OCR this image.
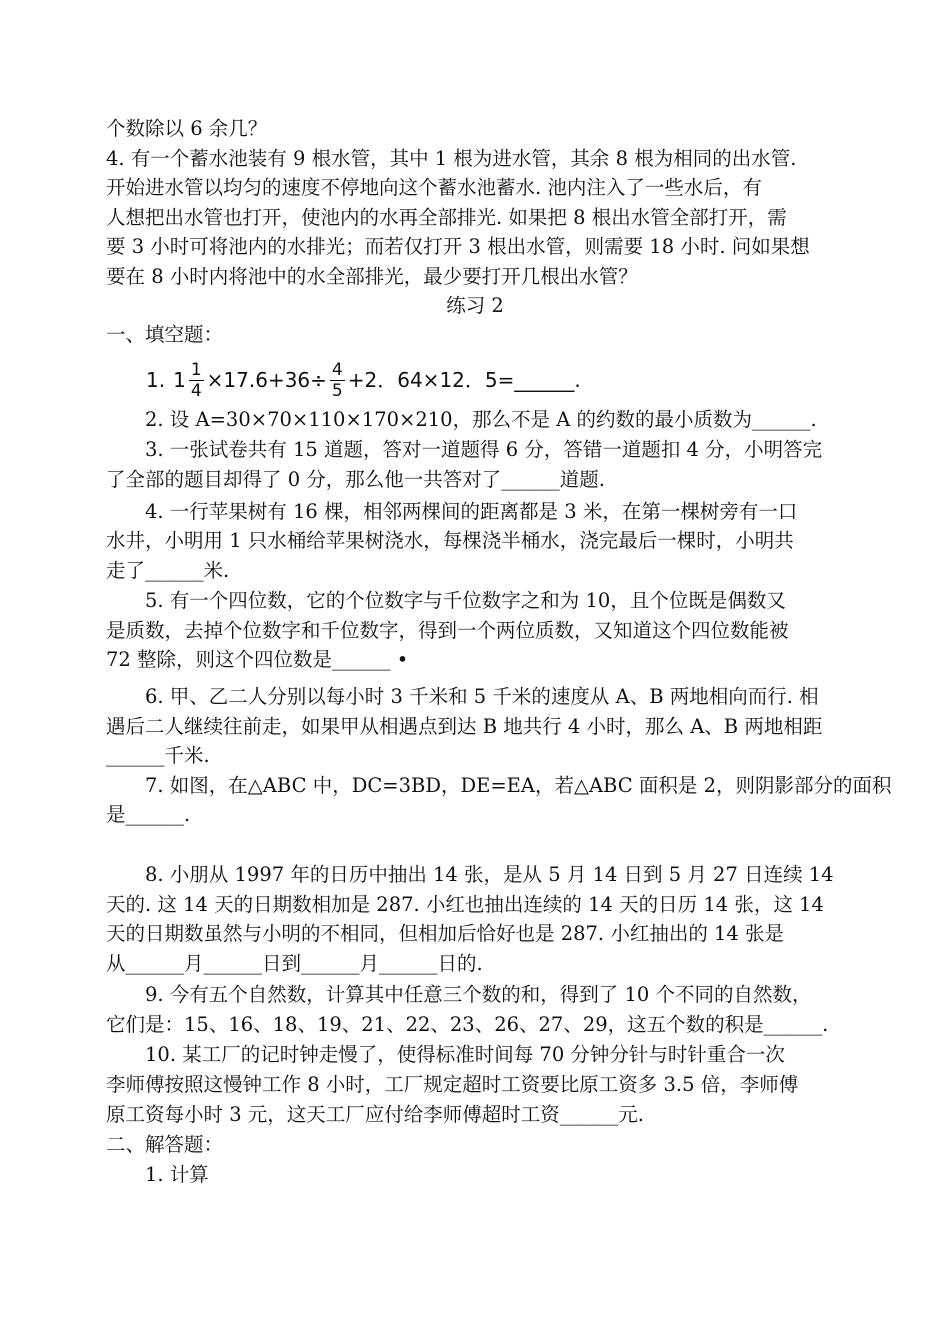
个数除以 6 余几？
4. 有一个蓄水池装有 9 根水管，其中 1 根为进水管，其余 8 根为相同的出水管.
开始进水管以均匀的速度不停地向这个蓄水池蓄水. 池内注入了一些水后，有
人想把出水管也打开，使池内的水再全部排光. 如果把 8 根出水管全部打开，需
要 3 小时可将池内的水排光；而若仅打开 3 根出水管，则需要 18 小时. 问如果想
要在 8 小时内将池中的水全部排光，最少要打开几根出水管？
练习 2
一、填空题：
1. $1 \frac{1}{4} \times 17.6+36\div \frac{4}{5} +2$．64×12．5=______.
2. 设 A=30×70×110×170×210，那么不是 A 的约数的最小质数为______.
3. 一张试卷共有 15 道题，答对一道题得 6 分，答错一道题扣 4 分，小明答完
了全部的题目却得了 0 分，那么他一共答对了______道题.
4. 一行苹果树有 16 棵，相邻两棵间的距离都是 3 米，在第一棵树旁有一口
水井，小明用 1 只水桶给苹果树浇水，每棵浇半桶水，浇完最后一棵时，小明共
走了______米.
5. 有一个四位数，它的个位数字与千位数字之和为 10，且个位既是偶数又
是质数，去掉个位数字和千位数字，得到一个两位质数，又知道这个四位数能被
72 整除，则这个四位数是______ •
6. 甲、乙二人分别以每小时 3 千米和 5 千米的速度从 A、B 两地相向而行. 相
遇后二人继续往前走，如果甲从相遇点到达 B 地共行 4 小时，那么 A、B 两地相距
______千米.
7. 如图，在△ABC 中，DC=3BD，DE=EA，若△ABC 面积是 2，则阴影部分的面积
是______.
8. 小朋从 1997 年的日历中抽出 14 张，是从 5 月 14 日到 5 月 27 日连续 14
天的. 这 14 天的日期数相加是 287. 小红也抽出连续的 14 天的日历 14 张，这 14
天的日期数虽然与小明的不相同，但相加后恰好也是 287. 小红抽出的 14 张是
从______月______日到______月______日的.
9. 今有五个自然数，计算其中任意三个数的和，得到了 10 个不同的自然数，
它们是：15、16、18、19、21、22、23、26、27、29，这五个数的积是______.
10. 某工厂的记时钟走慢了，使得标准时间每 70 分钟分针与时针重合一次
李师傅按照这慢钟工作 8 小时，工厂规定超时工资要比原工资多 3.5 倍，李师傅
原工资每小时 3 元，这天工厂应付给李师傅超时工资______元.
二、解答题：
1. 计算
